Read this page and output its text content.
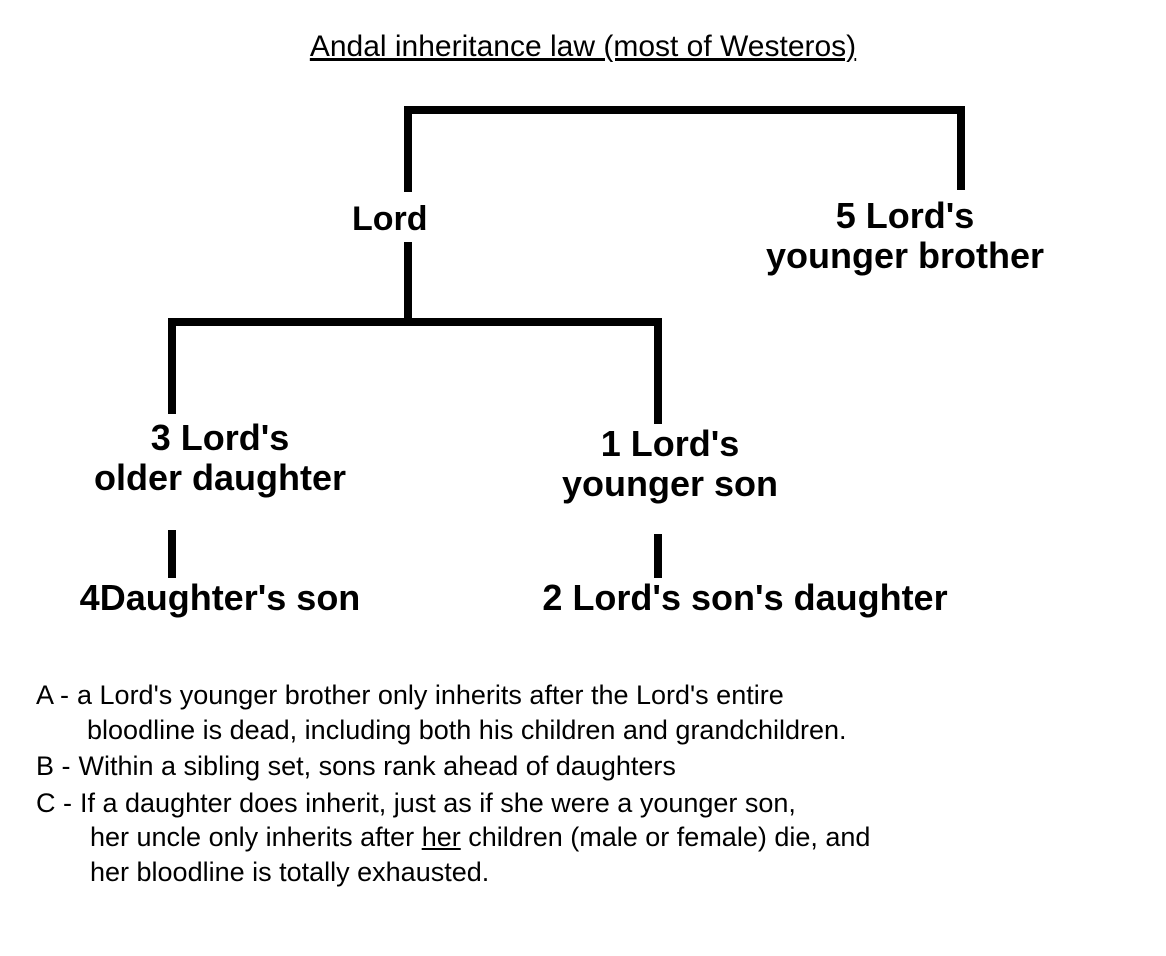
Andal inheritance law (most of Westeros)
Lord	5 Lord's
younger brother
3 Lord's
older daughter
1 Lord's
younger son
4Daughter's son	2 Lord's son's daughter
A - a Lord's younger brother only inherits after the Lord's entire
bloodline is dead, including both his children and grandchildren.
B - Within a sibling set, sons rank ahead of daughters
C - If a daughter does inherit, just as if she were a younger son,
her uncle only inherits after her children (male or female) die, and
her bloodline is totally exhausted.
